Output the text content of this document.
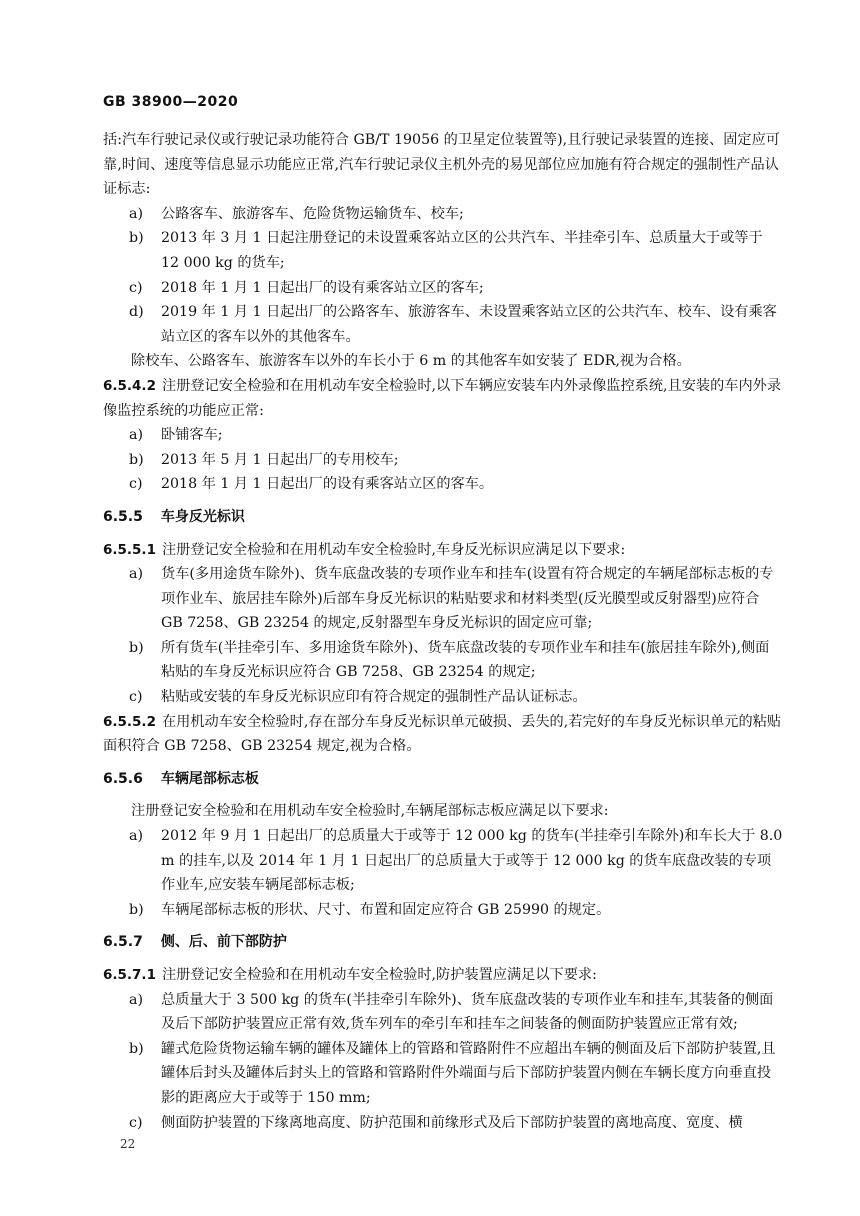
GB 38900—2020

括:汽车行驶记录仪或行驶记录功能符合 GB/T 19056 的卫星定位装置等),且行驶记录装置的连接、固定应可靠,时间、速度等信息显示功能应正常,汽车行驶记录仪主机外壳的易见部位应加施有符合规定的强制性产品认证标志:

a)	公路客车、旅游客车、危险货物运输货车、校车;
b)	2013 年 3 月 1 日起注册登记的未设置乘客站立区的公共汽车、半挂牵引车、总质量大于或等于 12 000 kg 的货车;
c)	2018 年 1 月 1 日起出厂的设有乘客站立区的客车;
d)	2019 年 1 月 1 日起出厂的公路客车、旅游客车、未设置乘客站立区的公共汽车、校车、设有乘客站立区的客车以外的其他客车。

除校车、公路客车、旅游客车以外的车长小于 6 m 的其他客车如安装了 EDR,视为合格。

6.5.4.2 注册登记安全检验和在用机动车安全检验时,以下车辆应安装车内外录像监控系统,且安装的车内外录像监控系统的功能应正常:

a)	卧铺客车;
b)	2013 年 5 月 1 日起出厂的专用校车;
c)	2018 年 1 月 1 日起出厂的设有乘客站立区的客车。
6.5.5 车身反光标识

6.5.5.1 注册登记安全检验和在用机动车安全检验时,车身反光标识应满足以下要求:

a)	货车(多用途货车除外)、货车底盘改装的专项作业车和挂车(设置有符合规定的车辆尾部标志板的专项作业车、旅居挂车除外)后部车身反光标识的粘贴要求和材料类型(反光膜型或反射器型)应符合 GB 7258、GB 23254 的规定,反射器型车身反光标识的固定应可靠;
b)	所有货车(半挂牵引车、多用途货车除外)、货车底盘改装的专项作业车和挂车(旅居挂车除外),侧面粘贴的车身反光标识应符合 GB 7258、GB 23254 的规定;
c)	粘贴或安装的车身反光标识应印有符合规定的强制性产品认证标志。

6.5.5.2 在用机动车安全检验时,存在部分车身反光标识单元破损、丢失的,若完好的车身反光标识单元的粘贴面积符合 GB 7258、GB 23254 规定,视为合格。

6.5.6 车辆尾部标志板

注册登记安全检验和在用机动车安全检验时,车辆尾部标志板应满足以下要求:

a)	2012 年 9 月 1 日起出厂的总质量大于或等于 12 000 kg 的货车(半挂牵引车除外)和车长大于 8.0 m 的挂车,以及 2014 年 1 月 1 日起出厂的总质量大于或等于 12 000 kg 的货车底盘改装的专项作业车,应安装车辆尾部标志板;
b)	车辆尾部标志板的形状、尺寸、布置和固定应符合 GB 25990 的规定。
6.5.7 侧、后、前下部防护

6.5.7.1 注册登记安全检验和在用机动车安全检验时,防护装置应满足以下要求:

a)	总质量大于 3 500 kg 的货车(半挂牵引车除外)、货车底盘改装的专项作业车和挂车,其装备的侧面及后下部防护装置应正常有效,货车列车的牵引车和挂车之间装备的侧面防护装置应正常有效;
b)	罐式危险货物运输车辆的罐体及罐体上的管路和管路附件不应超出车辆的侧面及后下部防护装置,且罐体后封头及罐体后封头上的管路和管路附件外端面与后下部防护装置内侧在车辆长度方向垂直投影的距离应大于或等于 150 mm;
c)	侧面防护装置的下缘离地高度、防护范围和前缘形式及后下部防护装置的离地高度、宽度、横
22
